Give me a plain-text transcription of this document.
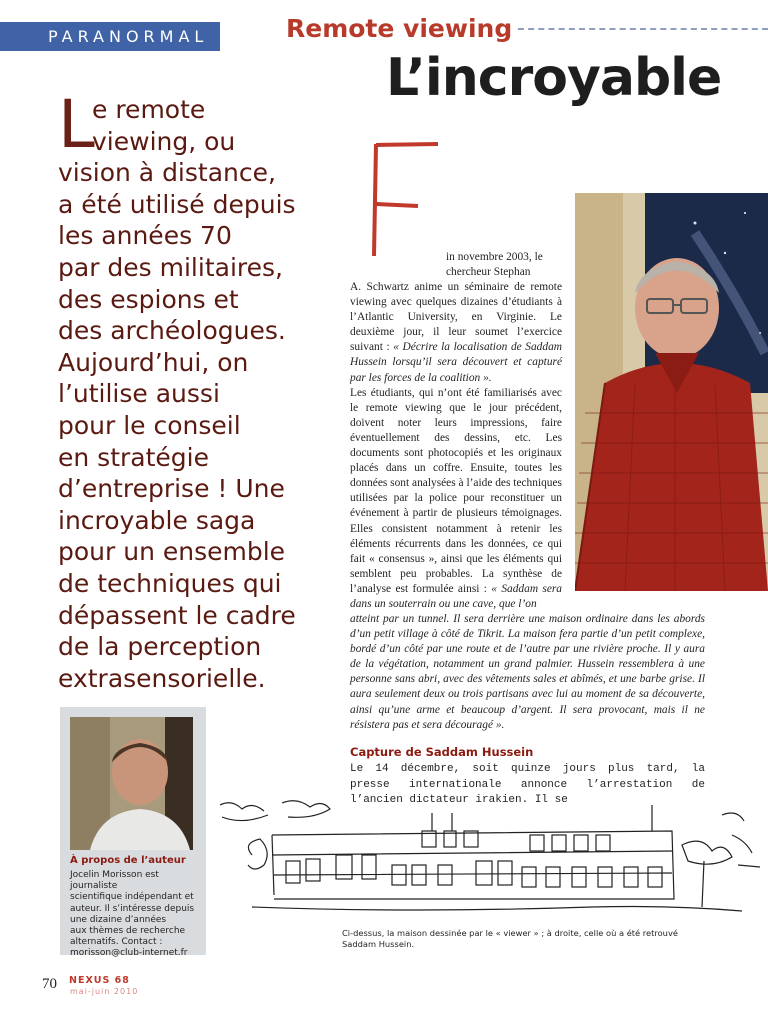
PARANORMAL	Remote viewing
L’incroyable
L
e remote
viewing, ou
vision à distance,
a été utilisé depuis
les années 70
par des militaires,
des espions et
des archéologues.
Aujourd’hui, on
l’utilise aussi
pour le conseil
en stratégie
d’entreprise ! Une
incroyable saga
pour un ensemble
de techniques qui
dépassent le cadre
de la perception
extrasensorielle.

in novembre 2003, le

chercheur Stephan

A. Schwartz anime un séminaire de remote viewing avec quelques dizaines d’étudiants à l’Atlantic University, en Virginie. Le deuxième jour, il leur soumet l’exercice suivant : « Décrire la localisation de Saddam Hussein lorsqu’il sera découvert et capturé par les forces de la coalition ».

Les étudiants, qui n’ont été familiarisés avec le remote viewing que le jour précédent, doivent noter leurs impressions, faire éventuellement des dessins, etc. Les documents sont photocopiés et les originaux placés dans un coffre. Ensuite, toutes les données sont analysées à l’aide des techniques utilisées par la police pour reconstituer un événement à partir de plusieurs témoignages. Elles consistent notamment à retenir les éléments récurrents dans les données, ce qui fait « consensus », ainsi que les éléments qui semblent peu probables. La synthèse de l’analyse est formulée ainsi : « Saddam sera dans un souterrain ou une cave, que l’on

atteint par un tunnel. Il sera derrière une maison ordinaire dans les abords d’un petit village à côté de Tikrit. La maison fera partie d’un petit complexe, bordé d’un côté par une route et de l’autre par une rivière proche. Il y aura de la végétation, notamment un grand palmier. Hussein ressemblera à une personne sans abri, avec des vêtements sales et abîmés, et une barbe grise. Il aura seulement deux ou trois partisans avec lui au moment de sa découverte, ainsi qu’une arme et beaucoup d’argent. Il sera provocant, mais il ne résistera pas et sera découragé ».
Capture de Saddam Hussein
Le 14 décembre, soit quinze jours plus tard, la presse internationale annonce l’arrestation de l’ancien dictateur irakien. Il se
À propos de l’auteur
Jocelin Morisson est journaliste
scientifique indépendant et
auteur. Il s’intéresse depuis
une dizaine d’années
aux thèmes de recherche
alternatifs. Contact :
morisson@club-internet.fr
Ci-dessus, la maison dessinée par le « viewer » ; à droite, celle où a été retrouvé Saddam Hussein.
70 NEXUS 68
mai-juin 2010
